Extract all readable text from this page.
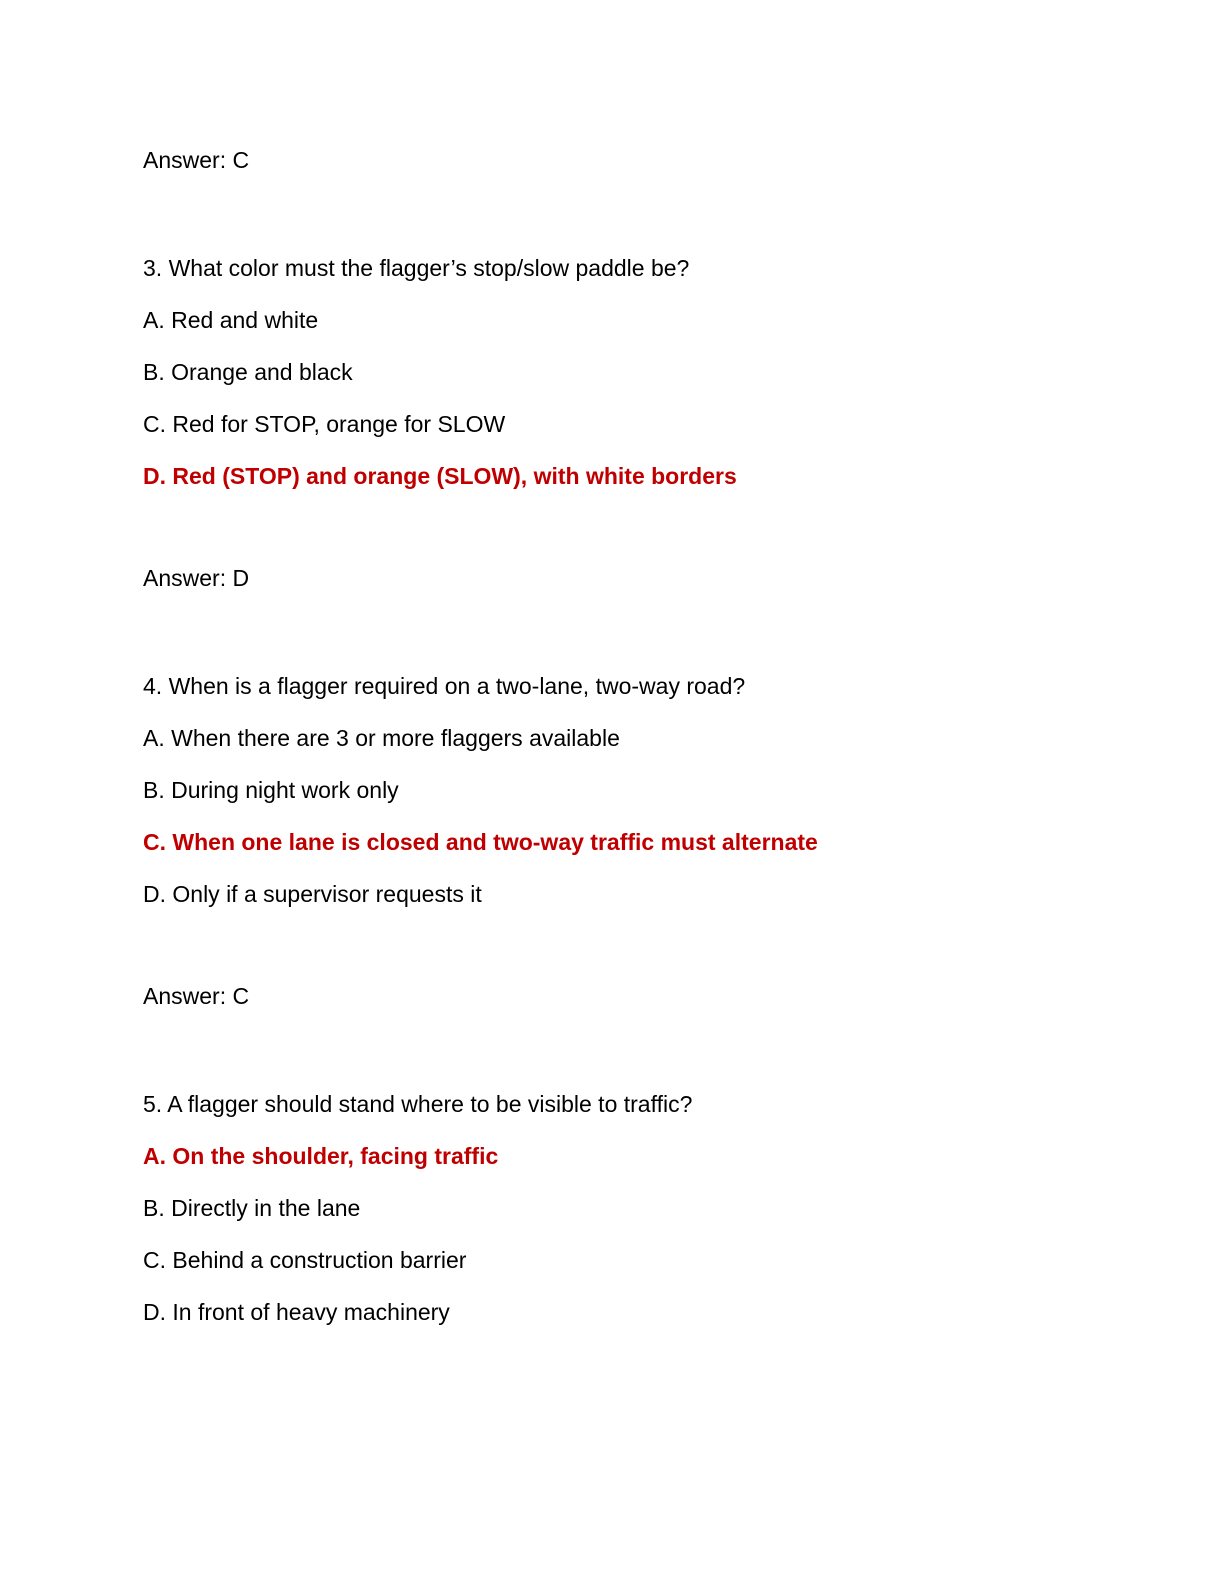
Answer: C

3. What color must the flagger’s stop/slow paddle be?

A. Red and white

B. Orange and black

C. Red for STOP, orange for SLOW

D. Red (STOP) and orange (SLOW), with white borders

Answer: D

4. When is a flagger required on a two-lane, two-way road?

A. When there are 3 or more flaggers available

B. During night work only

C. When one lane is closed and two-way traffic must alternate

D. Only if a supervisor requests it

Answer: C

5. A flagger should stand where to be visible to traffic?

A. On the shoulder, facing traffic

B. Directly in the lane

C. Behind a construction barrier

D. In front of heavy machinery
